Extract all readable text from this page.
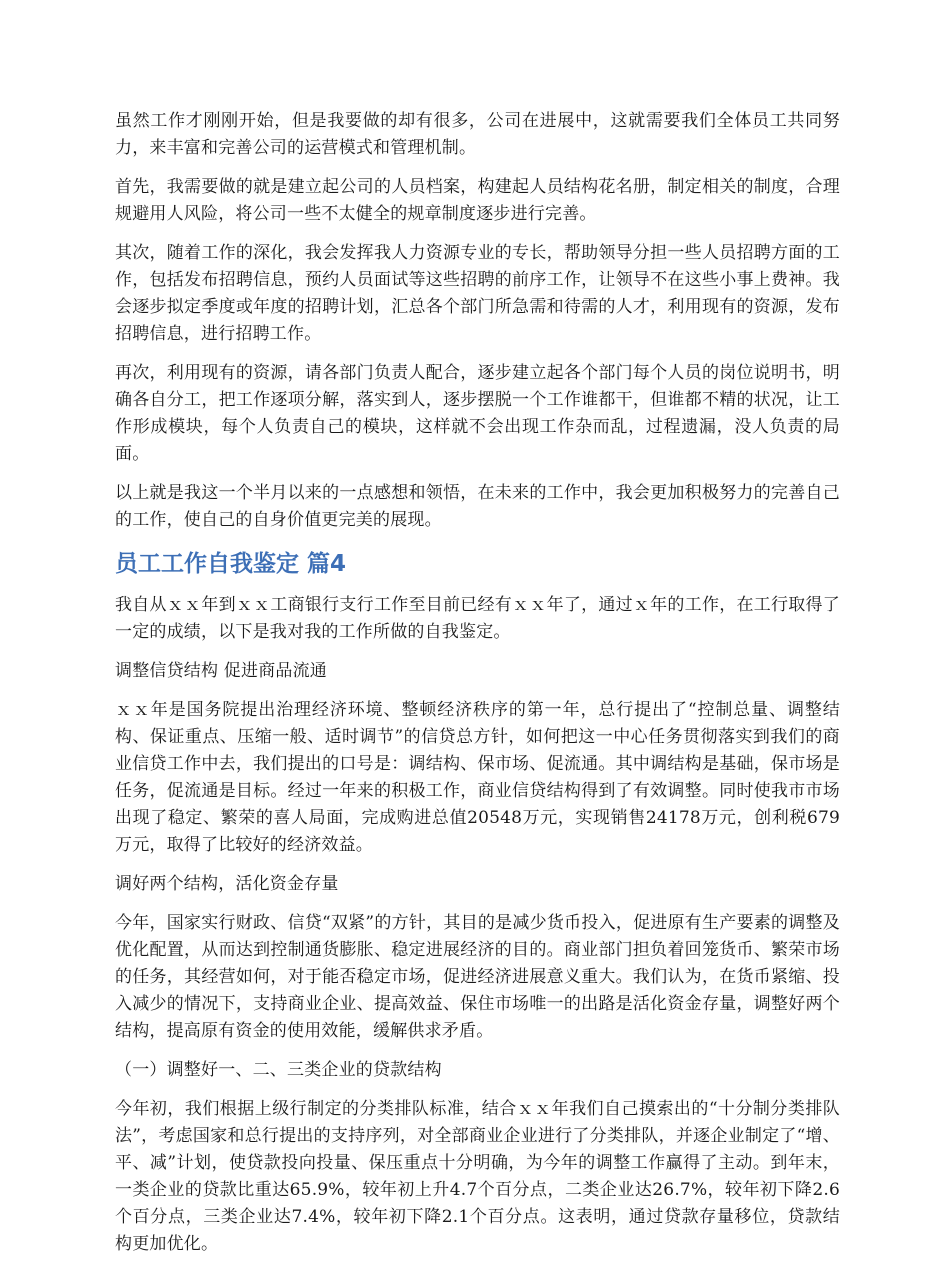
虽然工作才刚刚开始，但是我要做的却有很多，公司在进展中，这就需要我们全体员工共同努力，来丰富和完善公司的运营模式和管理机制。

首先，我需要做的就是建立起公司的人员档案，构建起人员结构花名册，制定相关的制度，合理规避用人风险，将公司一些不太健全的规章制度逐步进行完善。

其次，随着工作的深化，我会发挥我人力资源专业的专长，帮助领导分担一些人员招聘方面的工作，包括发布招聘信息，预约人员面试等这些招聘的前序工作，让领导不在这些小事上费神。我会逐步拟定季度或年度的招聘计划，汇总各个部门所急需和待需的人才，利用现有的资源，发布招聘信息，进行招聘工作。

再次，利用现有的资源，请各部门负责人配合，逐步建立起各个部门每个人员的岗位说明书，明确各自分工，把工作逐项分解，落实到人，逐步摆脱一个工作谁都干，但谁都不精的状况，让工作形成模块，每个人负责自己的模块，这样就不会出现工作杂而乱，过程遗漏，没人负责的局面。

以上就是我这一个半月以来的一点感想和领悟，在未来的工作中，我会更加积极努力的完善自己的工作，使自己的自身价值更完美的展现。

员工工作自我鉴定 篇4

我自从ｘｘ年到ｘｘ工商银行支行工作至目前已经有ｘｘ年了，通过ｘ年的工作，在工行取得了一定的成绩，以下是我对我的工作所做的自我鉴定。

调整信贷结构 促进商品流通

ｘｘ年是国务院提出治理经济环境、整顿经济秩序的第一年，总行提出了“控制总量、调整结构、保证重点、压缩一般、适时调节”的信贷总方针，如何把这一中心任务贯彻落实到我们的商业信贷工作中去，我们提出的口号是：调结构、保市场、促流通。其中调结构是基础，保市场是任务，促流通是目标。经过一年来的积极工作，商业信贷结构得到了有效调整。同时使我市市场出现了稳定、繁荣的喜人局面，完成购进总值20548万元，实现销售24178万元，创利税679万元，取得了比较好的经济效益。

调好两个结构，活化资金存量

今年，国家实行财政、信贷“双紧”的方针，其目的是减少货币投入，促进原有生产要素的调整及优化配置，从而达到控制通货膨胀、稳定进展经济的目的。商业部门担负着回笼货币、繁荣市场的任务，其经营如何，对于能否稳定市场，促进经济进展意义重大。我们认为，在货币紧缩、投入减少的情况下，支持商业企业、提高效益、保住市场唯一的出路是活化资金存量，调整好两个结构，提高原有资金的使用效能，缓解供求矛盾。

（一）调整好一、二、三类企业的贷款结构

今年初，我们根据上级行制定的分类排队标准，结合ｘｘ年我们自己摸索出的“十分制分类排队法”，考虑国家和总行提出的支持序列，对全部商业企业进行了分类排队，并逐企业制定了“增、平、减”计划，使贷款投向投量、保压重点十分明确，为今年的调整工作赢得了主动。到年末，一类企业的贷款比重达65.9%，较年初上升4.7个百分点，二类企业达26.7%，较年初下降2.6个百分点，三类企业达7.4%，较年初下降2.1个百分点。这表明，通过贷款存量移位，贷款结构更加优化。
